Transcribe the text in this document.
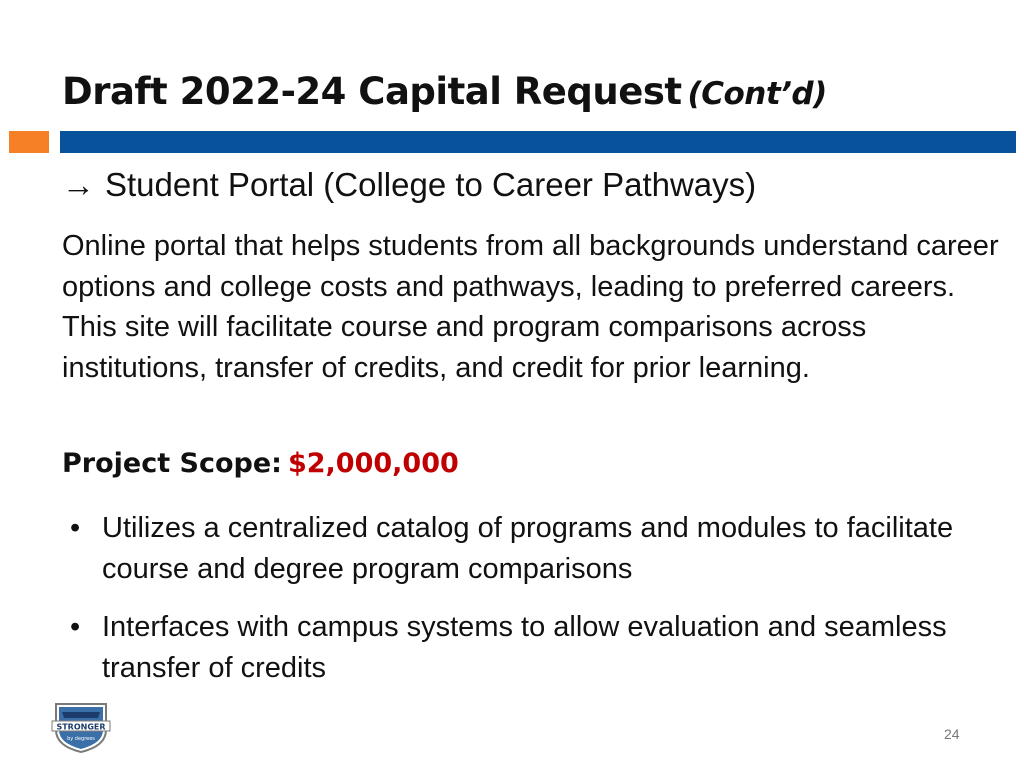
Draft 2022-24 Capital Request (Cont’d)
→ Student Portal (College to Career Pathways)

Online portal that helps students from all backgrounds understand career options and college costs and pathways, leading to preferred careers. This site will facilitate course and program comparisons across institutions, transfer of credits, and credit for prior learning.

Project Scope: $2,000,000
• Utilizes a centralized catalog of programs and modules to facilitate course and degree program comparisons
• Interfaces with campus systems to allow evaluation and seamless transfer of credits
STRONGER
by degrees	24
